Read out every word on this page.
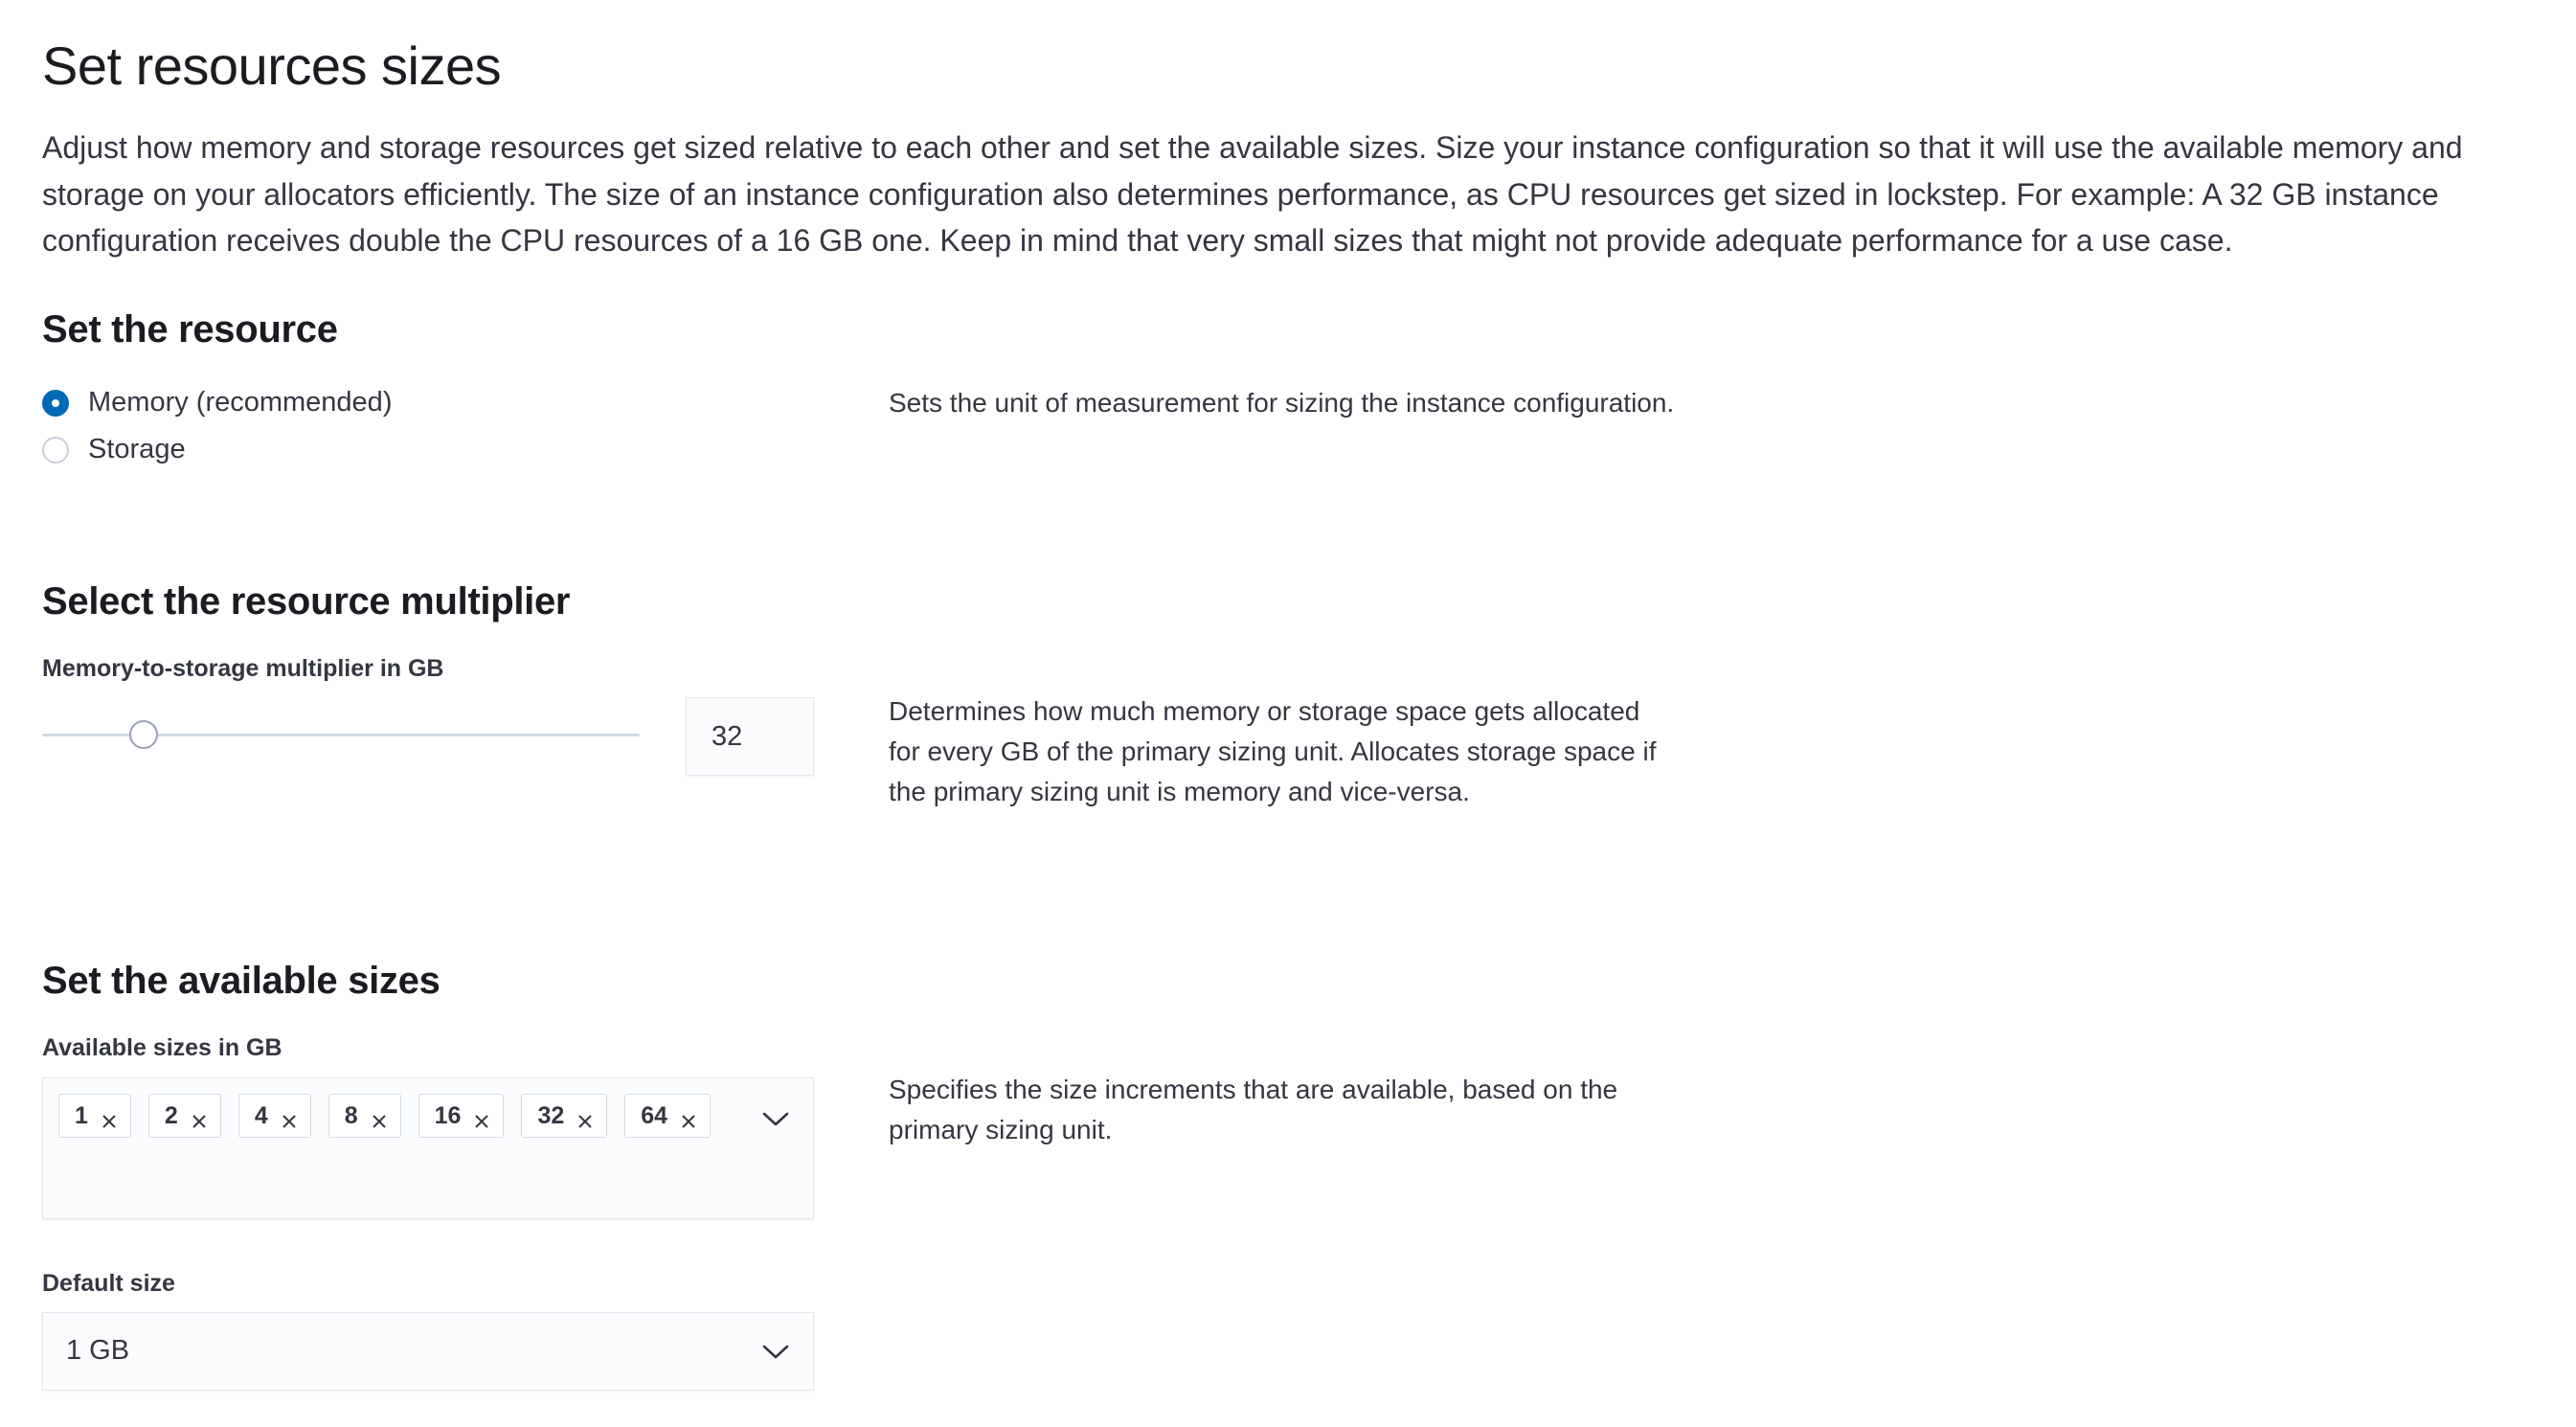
Set resources sizes

Adjust how memory and storage resources get sized relative to each other and set the available sizes. Size your instance configuration so that it will use the available memory and storage on your allocators efficiently. The size of an instance configuration also determines performance, as CPU resources get sized in lockstep. For example: A 32 GB instance configuration receives double the CPU resources of a 16 GB one. Keep in mind that very small sizes that might not provide adequate performance for a use case.

Set the resource
Memory (recommended)
Storage

Sets the unit of measurement for sizing the instance configuration.

Select the resource multiplier
Memory-to-storage multiplier in GB
32

Determines how much memory or storage space gets allocated for every GB of the primary sizing unit. Allocates storage space if the primary sizing unit is memory and vice-versa.

Set the available sizes
Available sizes in GB
1	2	4	8	16	32	64

Specifies the size increments that are available, based on the primary sizing unit.

Default size
1 GB
